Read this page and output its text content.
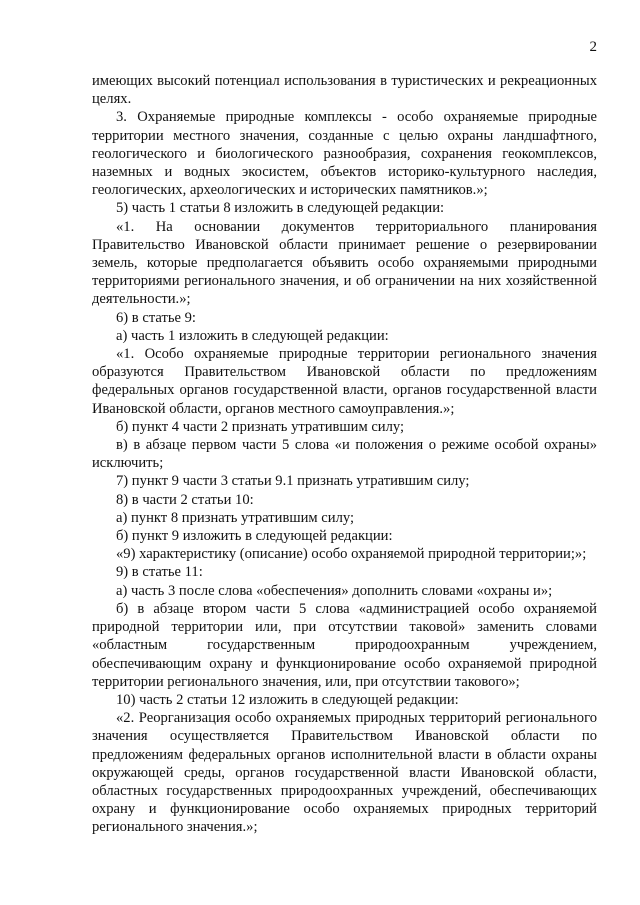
2

имеющих высокий потенциал использования в туристических и рекреационных целях.

3. Охраняемые природные комплексы - особо охраняемые природные территории местного значения, созданные с целью охраны ландшафтного, геологического и биологического разнообразия, сохранения геокомплексов, наземных и водных экосистем, объектов историко-культурного наследия, геологических, археологических и исторических памятников.»;

5) часть 1 статьи 8 изложить в следующей редакции:

«1. На основании документов территориального планирования Правительство Ивановской области принимает решение о резервировании земель, которые предполагается объявить особо охраняемыми природными территориями регионального значения, и об ограничении на них хозяйственной деятельности.»;

6) в статье 9:

а) часть 1 изложить в следующей редакции:

«1. Особо охраняемые природные территории регионального значения образуются Правительством Ивановской области по предложениям федеральных органов государственной власти, органов государственной власти Ивановской области, органов местного самоуправления.»;

б) пункт 4 части 2 признать утратившим силу;

в) в абзаце первом части 5 слова «и положения о режиме особой охраны» исключить;

7) пункт 9 части 3 статьи 9.1 признать утратившим силу;

8) в части 2 статьи 10:

а) пункт 8 признать утратившим силу;

б) пункт 9 изложить в следующей редакции:

«9) характеристику (описание) особо охраняемой природной территории;»;

9) в статье 11:

а) часть 3 после слова «обеспечения» дополнить словами «охраны и»;

б) в абзаце втором части 5 слова «администрацией особо охраняемой природной территории или, при отсутствии таковой» заменить словами «областным государственным природоохранным учреждением, обеспечивающим охрану и функционирование особо охраняемой природной территории регионального значения, или, при отсутствии такового»;

10) часть 2 статьи 12 изложить в следующей редакции:

«2. Реорганизация особо охраняемых природных территорий регионального значения осуществляется Правительством Ивановской области по предложениям федеральных органов исполнительной власти в области охраны окружающей среды, органов государственной власти Ивановской области, областных государственных природоохранных учреждений, обеспечивающих охрану и функционирование особо охраняемых природных территорий регионального значения.»;
